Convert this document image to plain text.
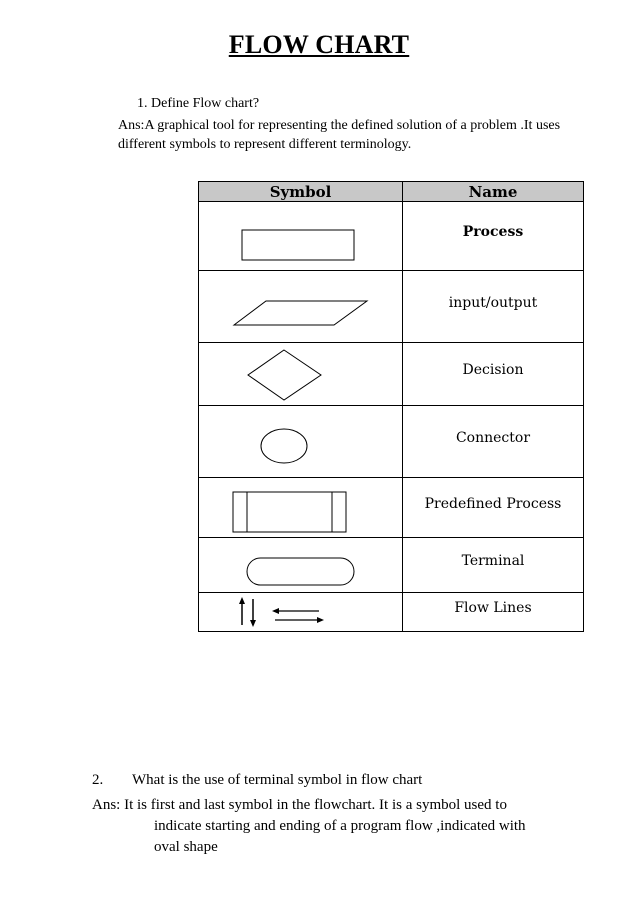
FLOW CHART
1. Define Flow chart?
Ans:A graphical tool for representing the defined solution of a problem .It uses different symbols to represent different terminology.
Symbol	Name

	Process

	input/output

	Decision

	Connector

	Predefined Process

	Terminal

	Flow Lines
2. What is the use of terminal symbol in flow chart
Ans: It is first and last symbol in the flowchart. It is a symbol used to
indicate starting and ending of a program flow ,indicated with
oval shape
